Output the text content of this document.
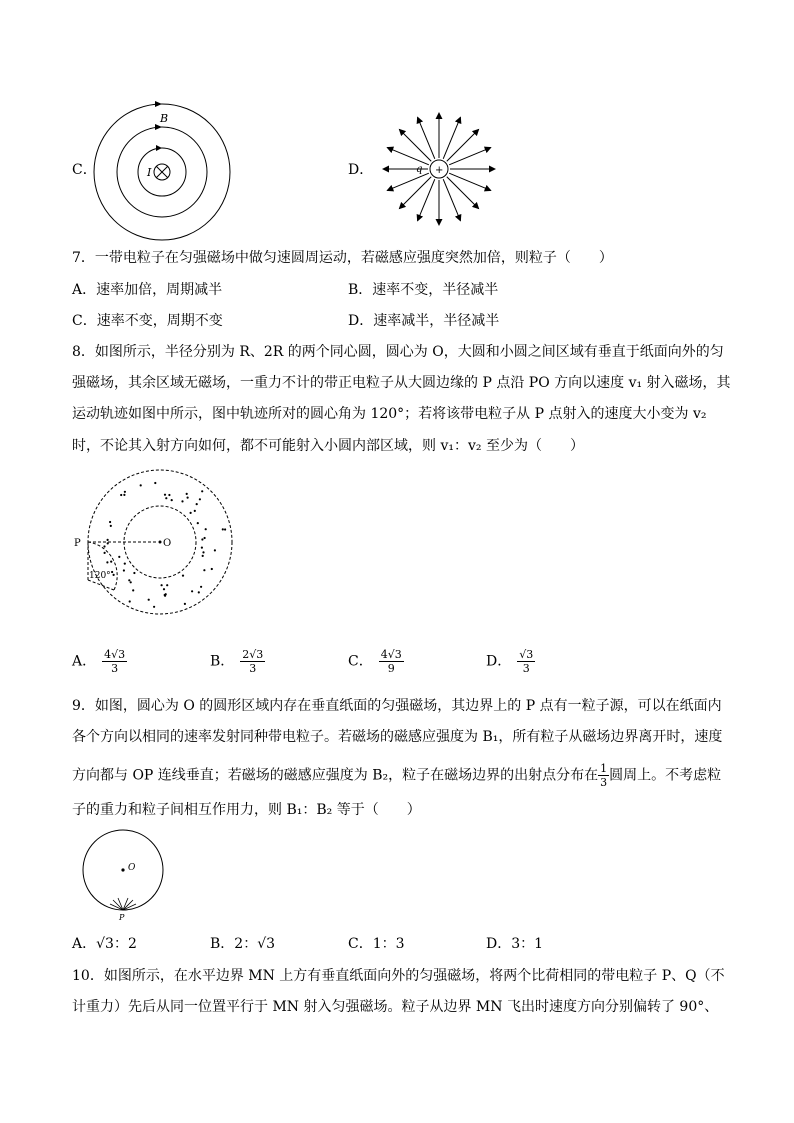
C．
B
I	D．	+
q
7．一带电粒子在匀强磁场中做匀速圆周运动，若磁感应强度突然加倍，则粒子（　　）
A．速率加倍，周期减半	B．速率不变，半径减半
C．速率不变，周期不变	D．速率减半，半径减半
8．如图所示，半径分别为 R、2R 的两个同心圆，圆心为 O，大圆和小圆之间区域有垂直于纸面向外的匀
强磁场，其余区域无磁场，一重力不计的带正电粒子从大圆边缘的 P 点沿 PO 方向以速度 v₁ 射入磁场，其
运动轨迹如图中所示，图中轨迹所对的圆心角为 120°；若将该带电粒子从 P 点射入的速度大小变为 v₂
时，不论其入射方向如何，都不可能射入小圆内部区域，则 v₁：v₂ 至少为（　　）
P	O
120°
A． $\frac{4√3}{3}$	B． $\frac{2√3}{3}$	C． $\frac{4√3}{9}$	D． $\frac{√3}{3}$
9．如图，圆心为 O 的圆形区域内存在垂直纸面的匀强磁场，其边界上的 P 点有一粒子源，可以在纸面内
各个方向以相同的速率发射同种带电粒子。若磁场的磁感应强度为 B₁，所有粒子从磁场边界离开时，速度
方向都与 OP 连线垂直；若磁场的磁感应强度为 B₂，粒子在磁场边界的出射点分布在 $\frac{1}{3}$ 圆周上。不考虑粒
子的重力和粒子间相互作用力，则 B₁：B₂ 等于（　　）
O
P
A．√3：2	B．2：√3	C．1：3	D．3：1
10．如图所示，在水平边界 MN 上方有垂直纸面向外的匀强磁场，将两个比荷相同的带电粒子 P、Q（不
计重力）先后从同一位置平行于 MN 射入匀强磁场。粒子从边界 MN 飞出时速度方向分别偏转了 90°、
